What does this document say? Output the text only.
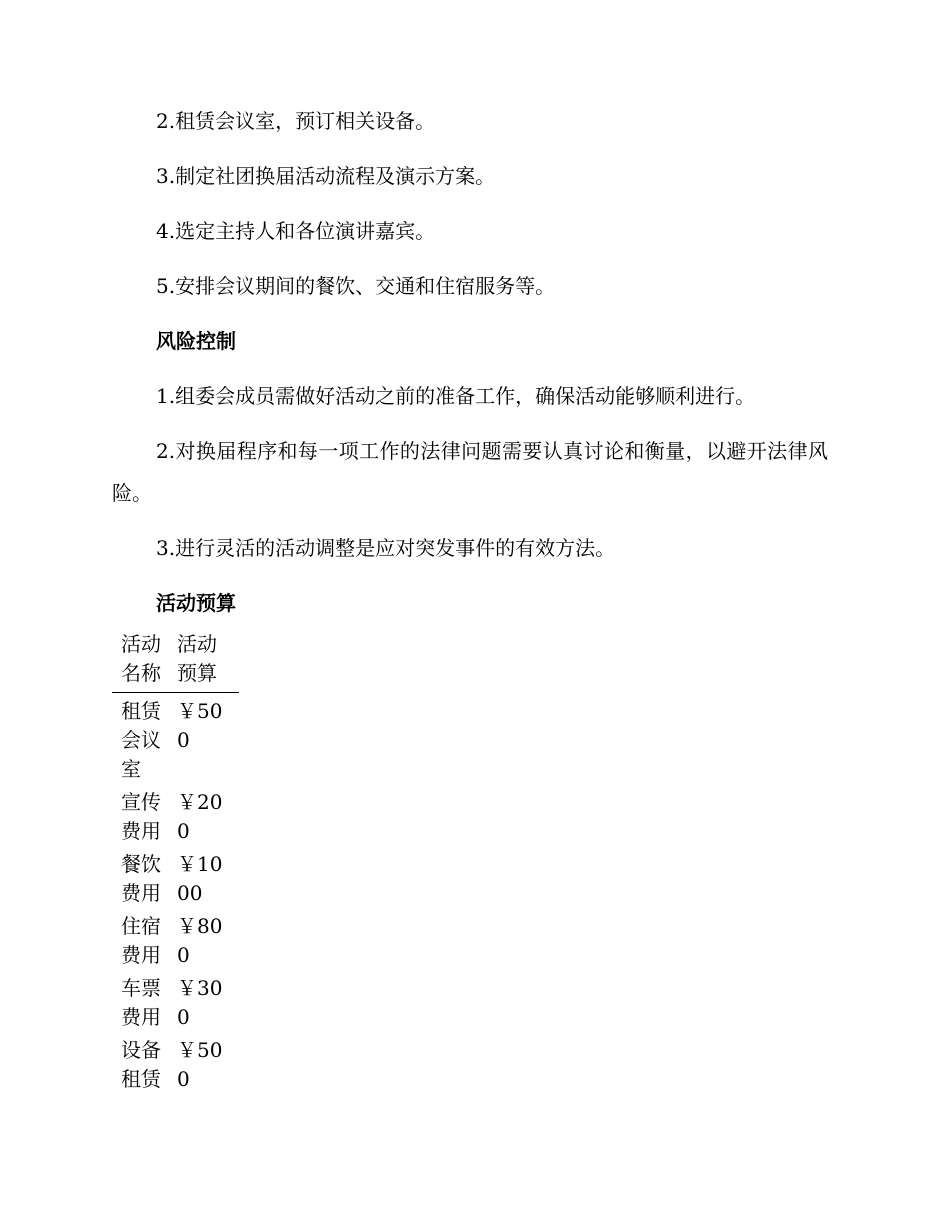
2.租赁会议室，预订相关设备。

3.制定社团换届活动流程及演示方案。

4.选定主持人和各位演讲嘉宾。

5.安排会议期间的餐饮、交通和住宿服务等。

风险控制

1.组委会成员需做好活动之前的准备工作，确保活动能够顺利进行。

2.对换届程序和每一项工作的法律问题需要认真讨论和衡量，以避开法律风险。

3.进行灵活的活动调整是应对突发事件的有效方法。

活动预算

活动名称	活动预算
租赁会议室	￥500
宣传费用	￥200
餐饮费用	￥1000
住宿费用	￥800
车票费用	￥300
设备租赁	￥500
